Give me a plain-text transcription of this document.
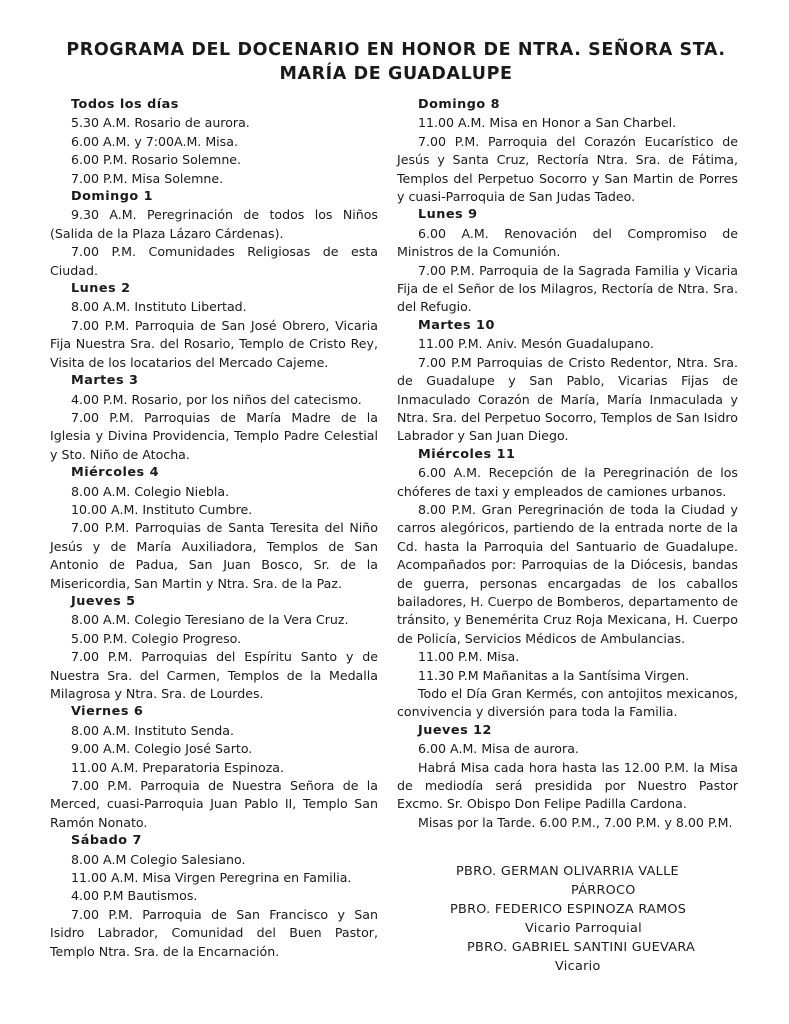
PROGRAMA DEL DOCENARIO EN HONOR DE NTRA. SEÑORA STA.
MARÍA DE GUADALUPE

Todos los días

5.30 A.M. Rosario de aurora.

6.00 A.M. y 7:00A.M. Misa.

6.00 P.M. Rosario Solemne.

7.00 P.M. Misa Solemne.

Domingo 1

9.30 A.M. Peregrinación de todos los Niños (Salida de la Plaza Lázaro Cárdenas).

7.00 P.M. Comunidades Religiosas de esta Ciudad.

Lunes 2

8.00 A.M. Instituto Libertad.

7.00 P.M. Parroquia de San José Obrero, Vicaria Fija Nuestra Sra. del Rosario, Templo de Cristo Rey, Visita de los locatarios del Mercado Cajeme.

Martes 3

4.00 P.M. Rosario, por los niños del catecismo.

7.00 P.M. Parroquias de María Madre de la Iglesia y Divina Providencia, Templo Padre Celestial y Sto. Niño de Atocha.

Miércoles 4

8.00 A.M. Colegio Niebla.

10.00 A.M. Instituto Cumbre.

7.00 P.M. Parroquias de Santa Teresita del Niño Jesús y de María Auxiliadora, Templos de San Antonio de Padua, San Juan Bosco, Sr. de la Misericordia, San Martin y Ntra. Sra. de la Paz.

Jueves 5

8.00 A.M. Colegio Teresiano de la Vera Cruz.

5.00 P.M. Colegio Progreso.

7.00 P.M. Parroquias del Espíritu Santo y de Nuestra Sra. del Carmen, Templos de la Medalla Milagrosa y Ntra. Sra. de Lourdes.

Viernes 6

8.00 A.M. Instituto Senda.

9.00 A.M. Colegio José Sarto.

11.00 A.M. Preparatoria Espinoza.

7.00 P.M. Parroquia de Nuestra Señora de la Merced, cuasi-Parroquia Juan Pablo II, Templo San Ramón Nonato.

Sábado 7

8.00 A.M Colegio Salesiano.

11.00 A.M. Misa Virgen Peregrina en Familia.

4.00 P.M Bautismos.

7.00 P.M. Parroquia de San Francisco y San Isidro Labrador, Comunidad del Buen Pastor, Templo Ntra. Sra. de la Encarnación.

Domingo 8

11.00 A.M. Misa en Honor a San Charbel.

7.00 P.M. Parroquia del Corazón Eucarístico de Jesús y Santa Cruz, Rectoría Ntra. Sra. de Fátima, Templos del Perpetuo Socorro y San Martin de Porres y cuasi-Parroquia de San Judas Tadeo.

Lunes 9

6.00 A.M. Renovación del Compromiso de Ministros de la Comunión.

7.00 P.M. Parroquia de la Sagrada Familia y Vicaria Fija de el Señor de los Milagros, Rectoría de Ntra. Sra. del Refugio.

Martes 10

11.00 P.M. Aniv. Mesón Guadalupano.

7.00 P.M Parroquias de Cristo Redentor, Ntra. Sra. de Guadalupe y San Pablo, Vicarias Fijas de Inmaculado Corazón de María, María Inmaculada y Ntra. Sra. del Perpetuo Socorro, Templos de San Isidro Labrador y San Juan Diego.

Miércoles 11

6.00 A.M. Recepción de la Peregrinación de los chóferes de taxi y empleados de camiones urbanos.

8.00 P.M. Gran Peregrinación de toda la Ciudad y carros alegóricos, partiendo de la entrada norte de la Cd. hasta la Parroquia del Santuario de Guadalupe. Acompañados por: Parroquias de la Diócesis, bandas de guerra, personas encargadas de los caballos bailadores, H. Cuerpo de Bomberos, departamento de tránsito, y Benemérita Cruz Roja Mexicana, H. Cuerpo de Policía, Servicios Médicos de Ambulancias.

11.00 P.M. Misa.

11.30 P.M Mañanitas a la Santísima Virgen.

Todo el Día Gran Kermés, con antojitos mexicanos, convivencia y diversión para toda la Familia.

Jueves 12

6.00 A.M. Misa de aurora.

Habrá Misa cada hora hasta las 12.00 P.M. la Misa de mediodía será presidida por Nuestro Pastor Excmo. Sr. Obispo Don Felipe Padilla Cardona.

Misas por la Tarde. 6.00 P.M., 7.00 P.M. y 8.00 P.M.

PBRO. GERMAN OLIVARRIA VALLE
PÁRROCO
PBRO. FEDERICO ESPINOZA RAMOS
Vicario Parroquial
PBRO. GABRIEL SANTINI GUEVARA
Vicario
